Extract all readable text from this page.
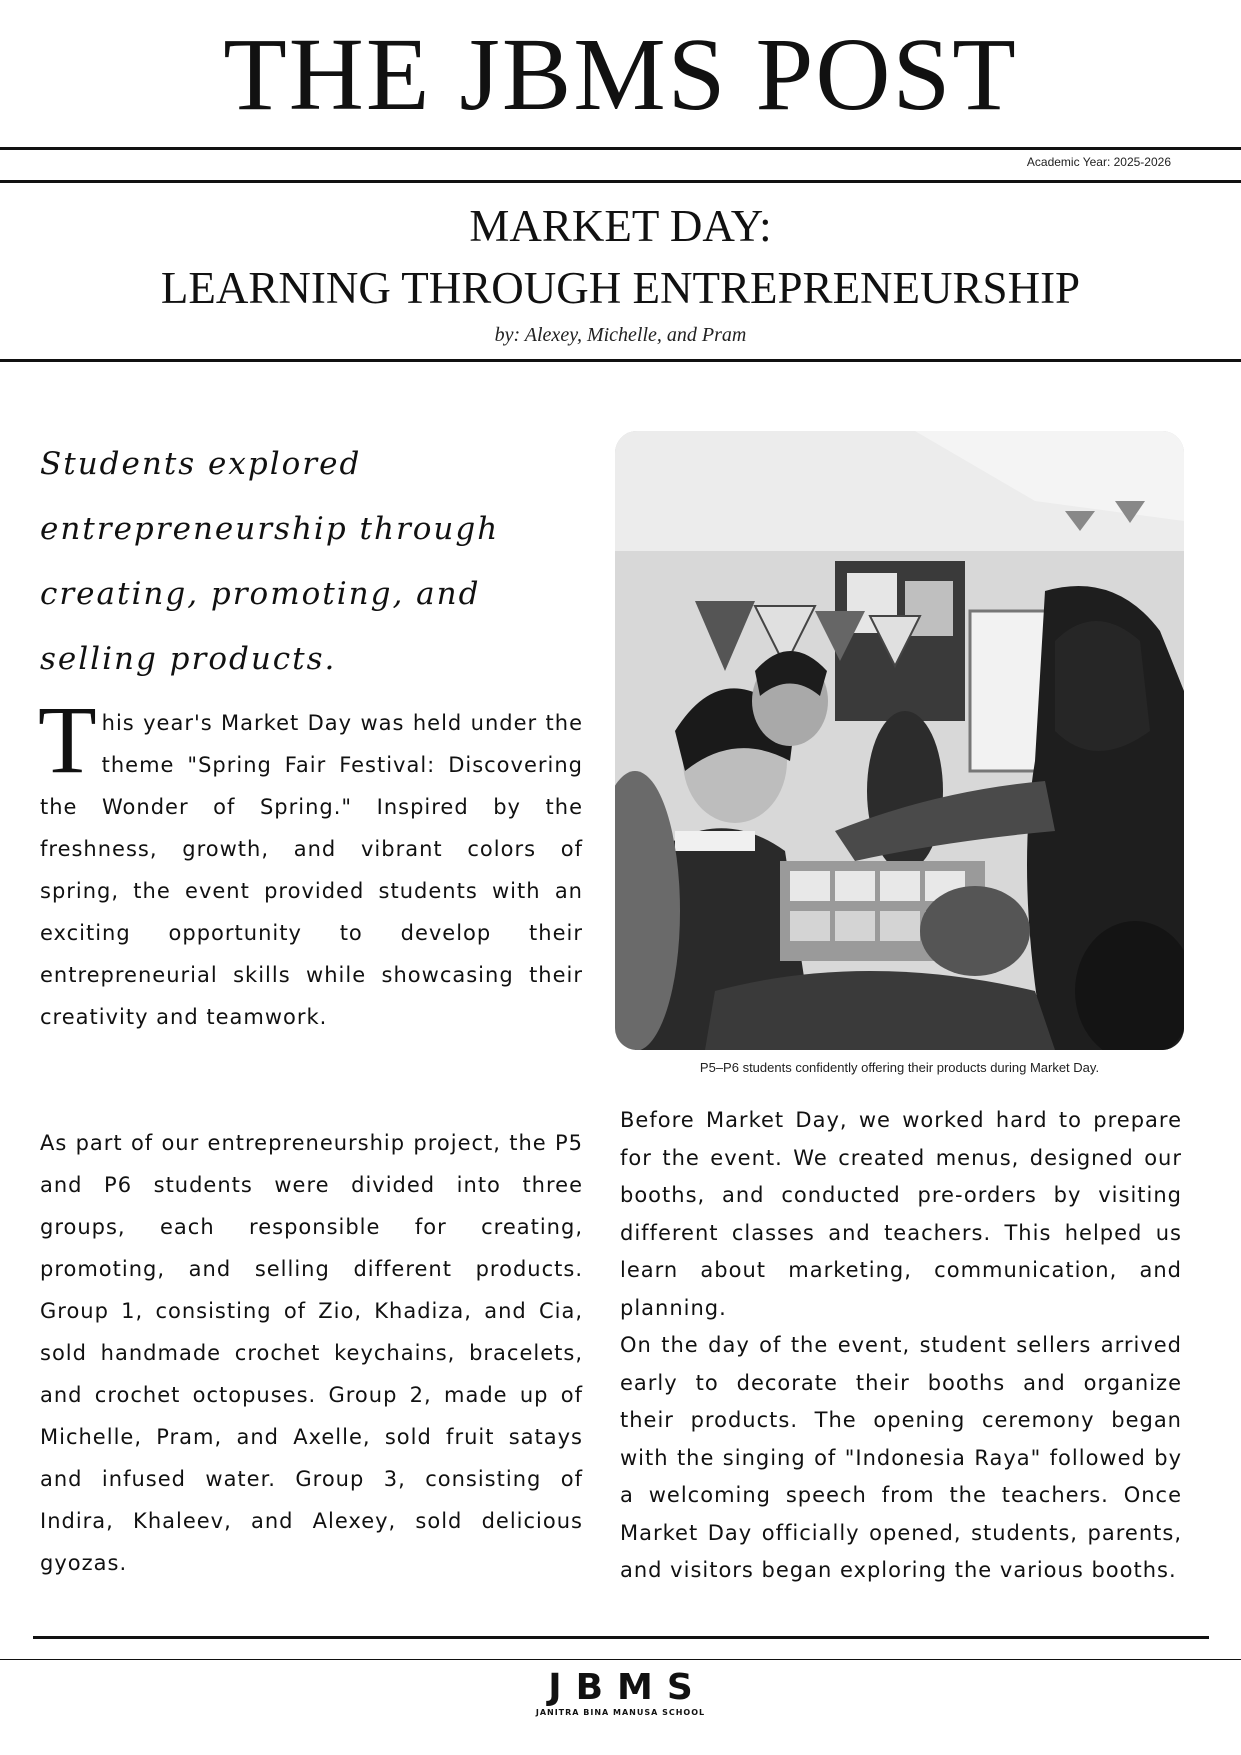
THE JBMS POST
Academic Year: 2025-2026
MARKET DAY:
LEARNING THROUGH ENTREPRENEURSHIP
by: Alexey, Michelle, and Pram
Students explored entrepreneurship through creating, promoting, and selling products.
This year's Market Day was held under the theme "Spring Fair Festival: Discovering the Wonder of Spring." Inspired by the freshness, growth, and vibrant colors of spring, the event provided students with an exciting opportunity to develop their entrepreneurial skills while showcasing their creativity and teamwork.
As part of our entrepreneurship project, the P5 and P6 students were divided into three groups, each responsible for creating, promoting, and selling different products. Group 1, consisting of Zio, Khadiza, and Cia, sold handmade crochet keychains, bracelets, and crochet octopuses. Group 2, made up of Michelle, Pram, and Axelle, sold fruit satays and infused water. Group 3, consisting of Indira, Khaleev, and Alexey, sold delicious gyozas.
P5–P6 students confidently offering their products during Market Day.
Before Market Day, we worked hard to prepare for the event. We created menus, designed our booths, and conducted pre-orders by visiting different classes and teachers. This helped us learn about marketing, communication, and planning.
On the day of the event, student sellers arrived early to decorate their booths and organize their products. The opening ceremony began with the singing of "Indonesia Raya" followed by a welcoming speech from the teachers. Once Market Day officially opened, students, parents, and visitors began exploring the various booths.
JBMS
JANITRA BINA MANUSA SCHOOL
